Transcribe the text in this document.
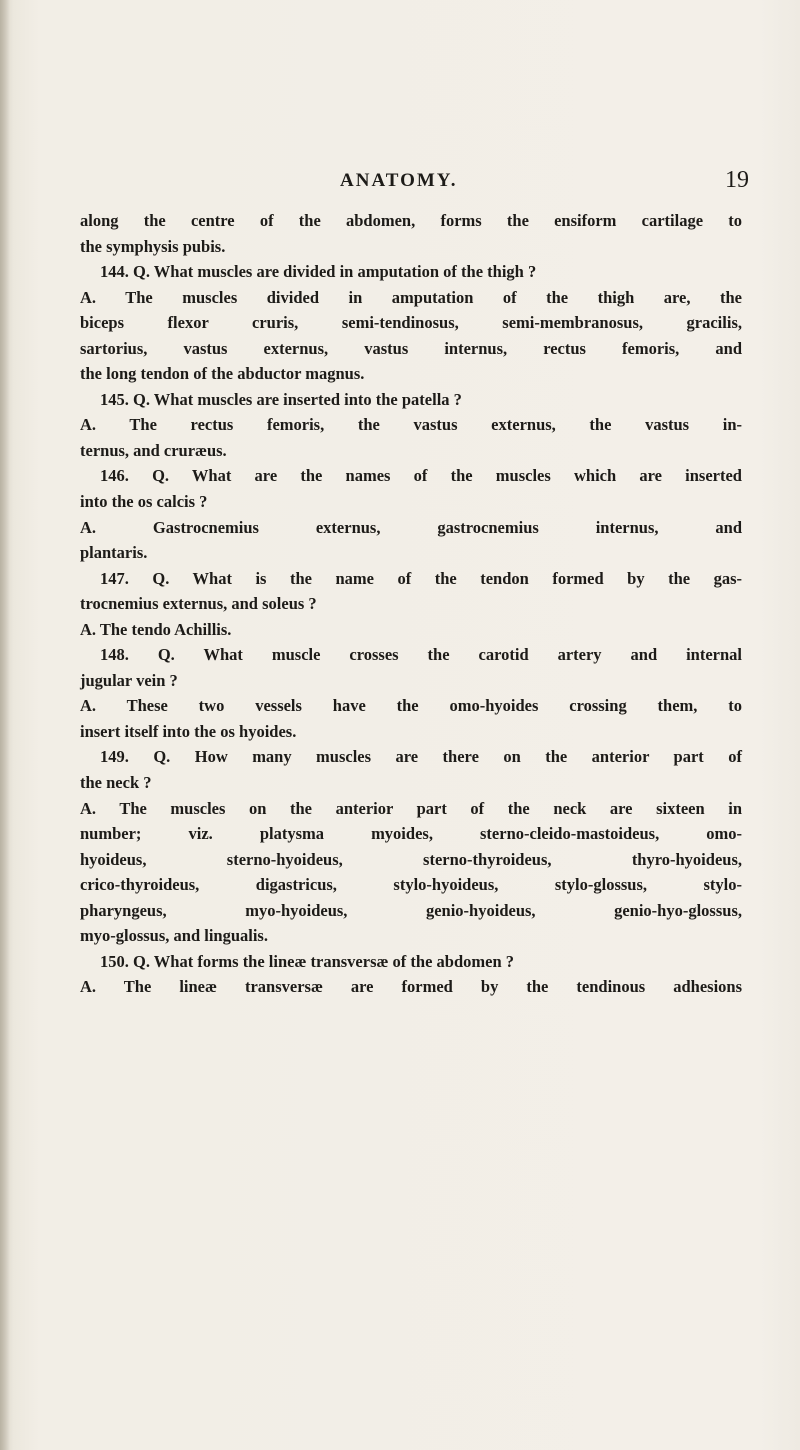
ANATOMY.	19
along the centre of the abdomen, forms the ensiform cartilage to
the symphysis pubis.
144. Q. What muscles are divided in amputation of the thigh ?
A. The muscles divided in amputation of the thigh are, the
biceps flexor cruris, semi-tendinosus, semi-membranosus, gracilis,
sartorius, vastus externus, vastus internus, rectus femoris, and
the long tendon of the abductor magnus.
145. Q. What muscles are inserted into the patella ?
A. The rectus femoris, the vastus externus, the vastus in-
ternus, and cruræus.
146. Q. What are the names of the muscles which are inserted
into the os calcis ?
A. Gastrocnemius externus, gastrocnemius internus, and
plantaris.
147. Q. What is the name of the tendon formed by the gas-
trocnemius externus, and soleus ?
A. The tendo Achillis.
148. Q. What muscle crosses the carotid artery and internal
jugular vein ?
A. These two vessels have the omo-hyoides crossing them, to
insert itself into the os hyoides.
149. Q. How many muscles are there on the anterior part of
the neck ?
A. The muscles on the anterior part of the neck are sixteen in
number; viz. platysma myoides, sterno-cleido-mastoideus, omo-
hyoideus, sterno-hyoideus, sterno-thyroideus, thyro-hyoideus,
crico-thyroideus, digastricus, stylo-hyoideus, stylo-glossus, stylo-
pharyngeus, myo-hyoideus, genio-hyoideus, genio-hyo-glossus,
myo-glossus, and lingualis.
150. Q. What forms the lineæ transversæ of the abdomen ?
A. The lineæ transversæ are formed by the tendinous adhesions
